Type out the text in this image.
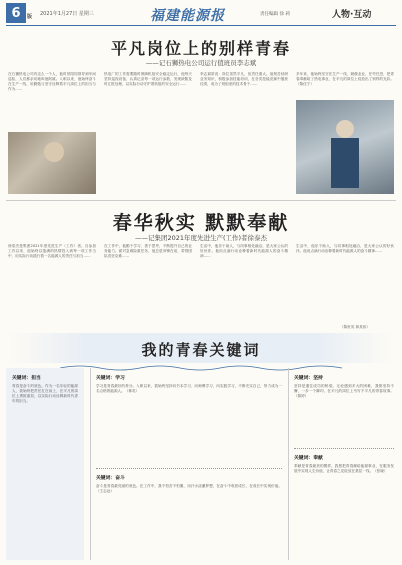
6 版 2021年1月27日 星期三	福建能源报	责任编辑 徐 莉	人物·互动
平凡岗位上的别样青春
——记石狮热电公司运行值班员李志斌
在石狮热电公司有这么一个人，他时常陪同领导到车间巡检，人们都亲切地叫他阿斌。入职以来，他始终奋斗在生产一线，用勤勉与坚守诠释着平凡岗位上的担当与作为……
热电厂的工作需要随时保障机组安全稳定运行，他每天坚持巡视设备，认真记录每一项运行参数，发现缺陷及时汇报处理，以实际行动守护着机组的安全运行……
李志斌常说：岗位虽然平凡，但责任重大。他刻苦钻研业务知识，积极参加技能培训，在各类技能竞赛中屡获佳绩，成为了班组里的技术骨干……
多年来，他始终坚守在生产一线，兢兢业业，任劳任怨，把青春奉献给了热电事业，在平凡的岗位上绽放出了别样的光彩。（陈佳宁）
春华秋实 默默奉献
——记集团2021年度先进生产(工作)者徐泰杰
徐泰杰是集团2021年度先进生产（工作）者。自参加工作以来，他始终以饱满的热情投入到每一项工作当中，用实际行动践行着一名能源人的责任与担当……
在工作中，他勤于学习、善于思考，不断提升自己的业务能力。面对急难险重任务，他总是冲锋在前，带领团队攻坚克难……
生活中，他乐于助人，与同事相处融洽，是大家公认的好伙伴。他用点滴行动诠释着新时代能源人的奋斗精神……
生活中，他乐于助人，与同事相处融洽，是大家公认的好伙伴。他用点滴行动诠释着新时代能源人的奋斗精神……
（陈世英 林其伟）
我的青春关键词
关键词：担当
青春是奋斗的底色。作为一名年轻的能源人，我始终把责任扛在肩上，在平凡的岗位上勇挑重担，以实际行动诠释新时代青年的担当。
关键词：学习
学习是青春最好的养分。入职以来，我始终坚持向书本学习、向师傅学习、向实践学习，不断充实自己，努力成为一名合格的能源人。（林英）
关键词：奋斗
奋斗是青春最亮丽的底色。在工作中，我不怕苦不怕累，用汗水浇灌梦想，在奋斗中收获成长，在成长中实现价值。（王志远）
关键词：坚持
坚持是通往成功的桥梁。无论遇到多大的困难，我都坚持不懈，一步一个脚印，在平凡的岗位上书写不平凡的青春故事。（陈婷）
关键词：奉献
奉献是青春最美的模样。我愿把青春献给能源事业，在服务发展中实现人生价值，让青春之花绽放在基层一线。（张晓）
